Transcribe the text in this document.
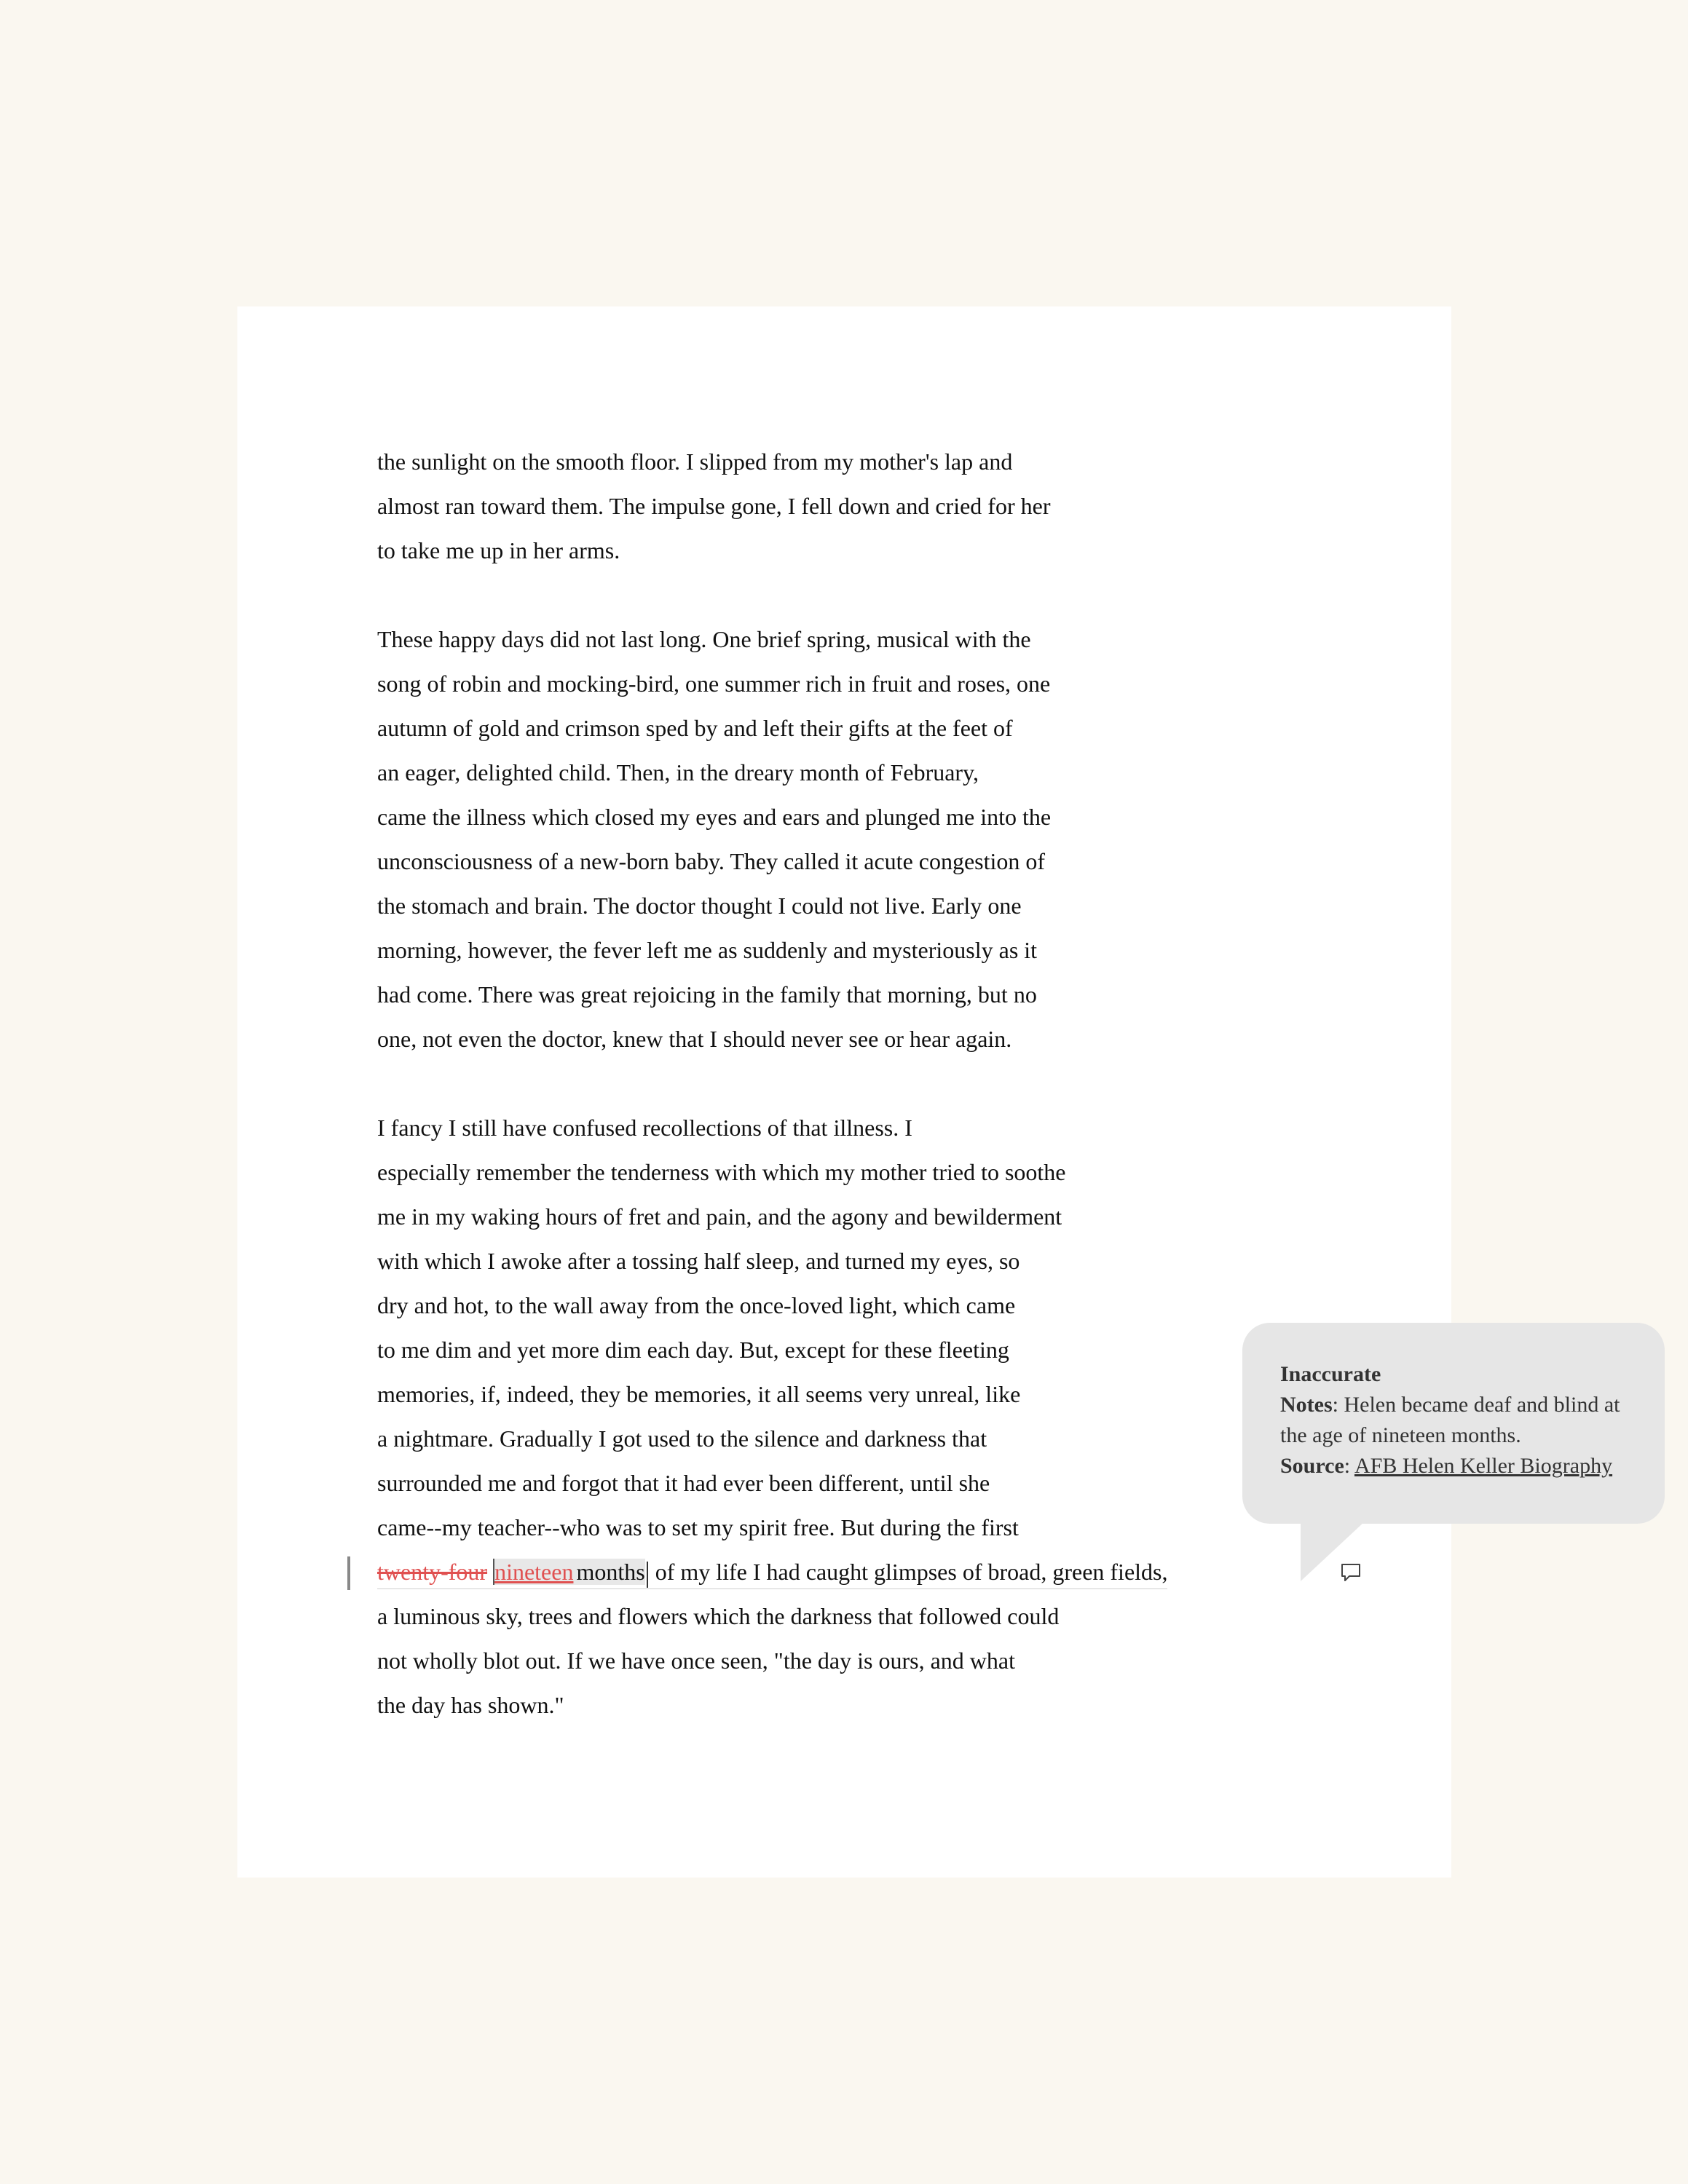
the sunlight on the smooth floor. I slipped from my mother's lap and
almost ran toward them. The impulse gone, I fell down and cried for her
to take me up in her arms.
These happy days did not last long. One brief spring, musical with the
song of robin and mocking-bird, one summer rich in fruit and roses, one
autumn of gold and crimson sped by and left their gifts at the feet of
an eager, delighted child. Then, in the dreary month of February,
came the illness which closed my eyes and ears and plunged me into the
unconsciousness of a new-born baby. They called it acute congestion of
the stomach and brain. The doctor thought I could not live. Early one
morning, however, the fever left me as suddenly and mysteriously as it
had come. There was great rejoicing in the family that morning, but no
one, not even the doctor, knew that I should never see or hear again.
I fancy I still have confused recollections of that illness. I
especially remember the tenderness with which my mother tried to soothe
me in my waking hours of fret and pain, and the agony and bewilderment
with which I awoke after a tossing half sleep, and turned my eyes, so
dry and hot, to the wall away from the once-loved light, which came
to me dim and yet more dim each day. But, except for these fleeting
memories, if, indeed, they be memories, it all seems very unreal, like
a nightmare. Gradually I got used to the silence and darkness that
surrounded me and forgot that it had ever been different, until she
came--my teacher--who was to set my spirit free. But during the first
twenty-four nineteen months of my life I had caught glimpses of broad, green fields,
a luminous sky, trees and flowers which the darkness that followed could
not wholly blot out. If we have once seen, "the day is ours, and what
the day has shown."
Inaccurate
Notes: Helen became deaf and blind at the age of nineteen months.
Source: AFB Helen Keller Biography
